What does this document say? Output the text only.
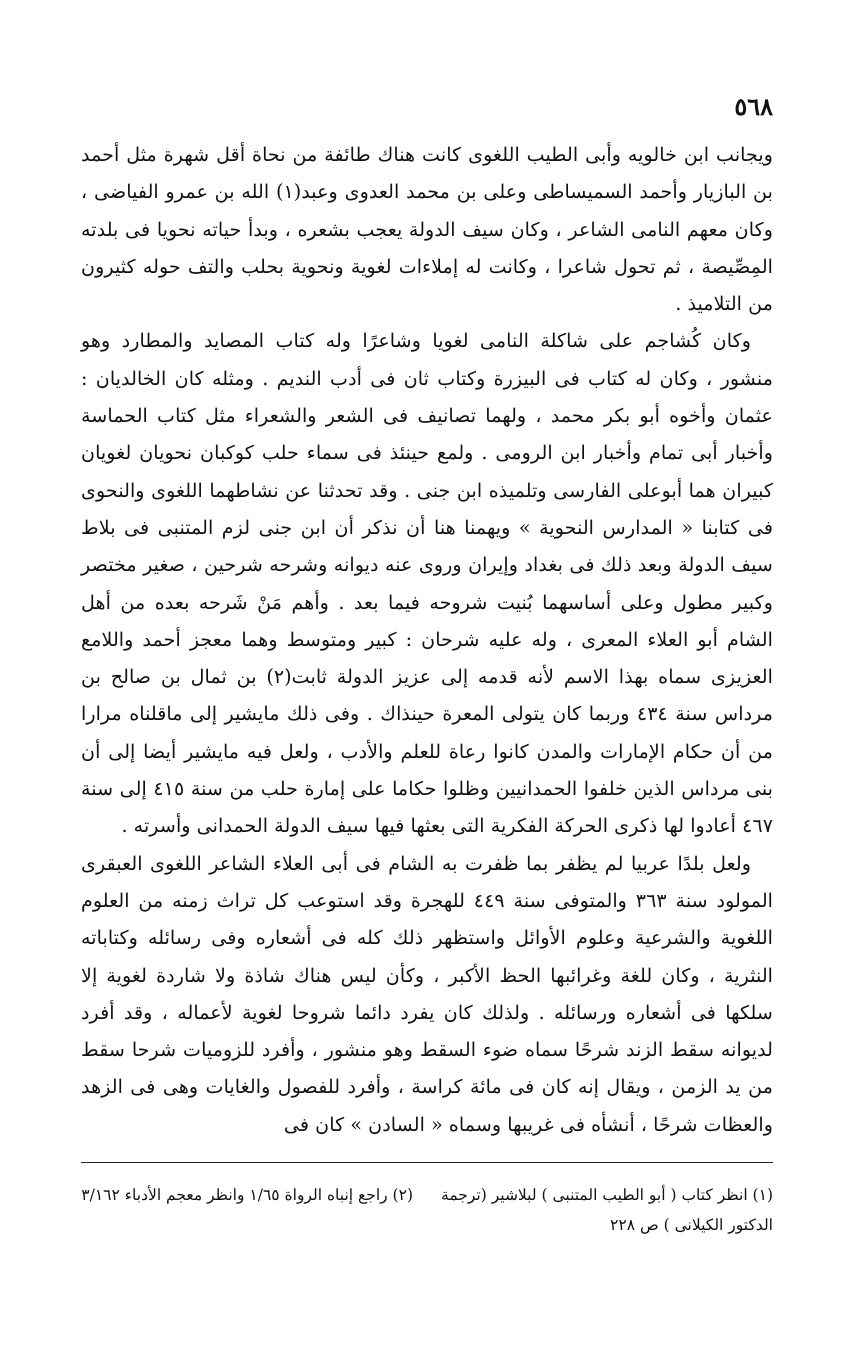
٥٦٨

ويجانب ابن خالويه وأبى الطيب اللغوى كانت هناك طائفة من نحاة أقل شهرة مثل أحمد بن البازيار وأحمد السميساطى وعلى بن محمد العدوى وعبد(١) الله بن عمرو الفياضى ، وكان معهم النامى الشاعر ، وكان سيف الدولة يعجب بشعره ، وبدأ حياته نحويا فى بلدته المِصِّيصة ، ثم تحول شاعرا ، وكانت له إملاءات لغوية ونحوية بحلب والتف حوله كثيرون من التلاميذ .

وكان كُشاجم على شاكلة النامى لغويا وشاعرًا وله كتاب المصايد والمطارد وهو منشور ، وكان له كتاب فى البيزرة وكتاب ثان فى أدب النديم . ومثله كان الخالديان : عثمان وأخوه أبو بكر محمد ، ولهما تصانيف فى الشعر والشعراء مثل كتاب الحماسة وأخبار أبى تمام وأخبار ابن الرومى . ولمع حينئذ فى سماء حلب كوكبان نحويان لغويان كبيران هما أبوعلى الفارسى وتلميذه ابن جنى . وقد تحدثنا عن نشاطهما اللغوى والنحوى فى كتابنا « المدارس النحوية » ويهمنا هنا أن نذكر أن ابن جنى لزم المتنبى فى بلاط سيف الدولة وبعد ذلك فى بغداد وإيران وروى عنه ديوانه وشرحه شرحين ، صغير مختصر وكبير مطول وعلى أساسهما بُنيت شروحه فيما بعد . وأهم مَنْ شَرحه بعده من أهل الشام أبو العلاء المعرى ، وله عليه شرحان : كبير ومتوسط وهما معجز أحمد واللامع العزيزى سماه بهذا الاسم لأنه قدمه إلى عزيز الدولة ثابت(٢) بن ثمال بن صالح بن مرداس سنة ٤٣٤ وربما كان يتولى المعرة حينذاك . وفى ذلك مايشير إلى ماقلناه مرارا من أن حكام الإمارات والمدن كانوا رعاة للعلم والأدب ، ولعل فيه مايشير أيضا إلى أن بنى مرداس الذين خلفوا الحمدانيين وظلوا حكاما على إمارة حلب من سنة ٤١٥ إلى سنة ٤٦٧ أعادوا لها ذكرى الحركة الفكرية التى بعثها فيها سيف الدولة الحمدانى وأسرته .

ولعل بلدًا عربيا لم يظفر بما ظفرت به الشام فى أبى العلاء الشاعر اللغوى العبقرى المولود سنة ٣٦٣ والمتوفى سنة ٤٤٩ للهجرة وقد استوعب كل تراث زمنه من العلوم اللغوية والشرعية وعلوم الأوائل واستظهر ذلك كله فى أشعاره وفى رسائله وكتاباته النثرية ، وكان للغة وغرائبها الحظ الأكبر ، وكأن ليس هناك شاذة ولا شاردة لغوية إلا سلكها فى أشعاره ورسائله . ولذلك كان يفرد دائما شروحا لغوية لأعماله ، وقد أفرد لديوانه سقط الزند شرحًا سماه ضوء السقط وهو منشور ، وأفرد للزوميات شرحا سقط من يد الزمن ، ويقال إنه كان فى مائة كراسة ، وأفرد للفصول والغايات وهى فى الزهد والعظات شرحًا ، أنشأه فى غريبها وسماه « السادن » كان فى

(١) انظر كتاب ( أبو الطيب المتنبى ) لبلاشير (ترجمة الدكتور الكيلانى ) ص ٢٢٨
(٢) راجع إنباه الرواة ١/٦٥ وانظر معجم الأدباء ٣/١٦٢
